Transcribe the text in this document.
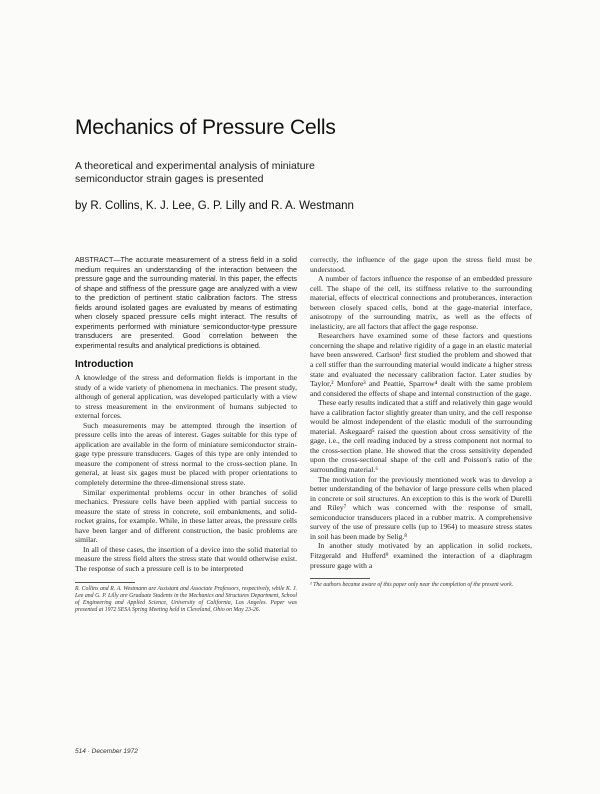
Mechanics of Pressure Cells
A theoretical and experimental analysis of miniature semiconductor strain gages is presented
by R. Collins, K. J. Lee, G. P. Lilly and R. A. Westmann

ABSTRACT—The accurate measurement of a stress field in a solid medium requires an understanding of the interaction between the pressure gage and the surrounding material. In this paper, the effects of shape and stiffness of the pressure gage are analyzed with a view to the prediction of pertinent static calibration factors. The stress fields around isolated gages are evaluated by means of estimating when closely spaced pressure cells might interact. The results of experiments performed with miniature semiconductor-type pressure transducers are presented. Good correlation between the experimental results and analytical predictions is obtained.

Introduction

A knowledge of the stress and deformation fields is important in the study of a wide variety of phenomena in mechanics. The present study, although of general application, was developed particularly with a view to stress measurement in the environment of humans subjected to external forces.

Such measurements may be attempted through the insertion of pressure cells into the areas of interest. Gages suitable for this type of application are available in the form of miniature semiconductor strain-gage type pressure transducers. Gages of this type are only intended to measure the component of stress normal to the cross-section plane. In general, at least six gages must be placed with proper orientations to completely determine the three-dimensional stress state.

Similar experimental problems occur in other branches of solid mechanics. Pressure cells have been applied with partial success to measure the state of stress in concrete, soil embankments, and solid-rocket grains, for example. While, in these latter areas, the pressure cells have been larger and of different construction, the basic problems are similar.

In all of these cases, the insertion of a device into the solid material to measure the stress field alters the stress state that would otherwise exist. The response of such a pressure cell is to be interpreted

R. Collins and R. A. Westmann are Assistant and Associate Professors, respectively, while K. J. Lee and G. P. Lilly are Graduate Students in the Mechanics and Structures Department, School of Engineering and Applied Science, University of California, Los Angeles. Paper was presented at 1972 SESA Spring Meeting held in Cleveland, Ohio on May 23-26.

correctly, the influence of the gage upon the stress field must be understood.

A number of factors influence the response of an embedded pressure cell. The shape of the cell, its stiffness relative to the surrounding material, effects of electrical connections and protuberances, interaction between closely spaced cells, bond at the gage-material interface, anisotropy of the surrounding matrix, as well as the effects of inelasticity, are all factors that affect the gage response.

Researchers have examined some of these factors and questions concerning the shape and relative rigidity of a gage in an elastic material have been answered. Carlson¹ first studied the problem and showed that a cell stiffer than the surrounding material would indicate a higher stress state and evaluated the necessary calibration factor. Later studies by Taylor,² Monfore³ and Peattie, Sparrow⁴ dealt with the same problem and considered the effects of shape and internal construction of the gage.

These early results indicated that a stiff and relatively thin gage would have a calibration factor slightly greater than unity, and the cell response would be almost independent of the elastic moduli of the surrounding material. Askegaard⁵ raised the question about cross sensitivity of the gage, i.e., the cell reading induced by a stress component not normal to the cross-section plane. He showed that the cross sensitivity depended upon the cross-sectional shape of the cell and Poisson's ratio of the surrounding material.⁶

The motivation for the previously mentioned work was to develop a better understanding of the behavior of large pressure cells when placed in concrete or soil structures. An exception to this is the work of Durelli and Riley⁷ which was concerned with the response of small, semiconductor transducers placed in a rubber matrix. A comprehensive survey of the use of pressure cells (up to 1964) to measure stress states in soil has been made by Selig.⁸

In another study motivated by an application in solid rockets, Fitzgerald and Hufferd⁹ examined the interaction of a diaphragm pressure gage with a

¹ The authors became aware of this paper only near the completion of the present work.
514 · December 1972
